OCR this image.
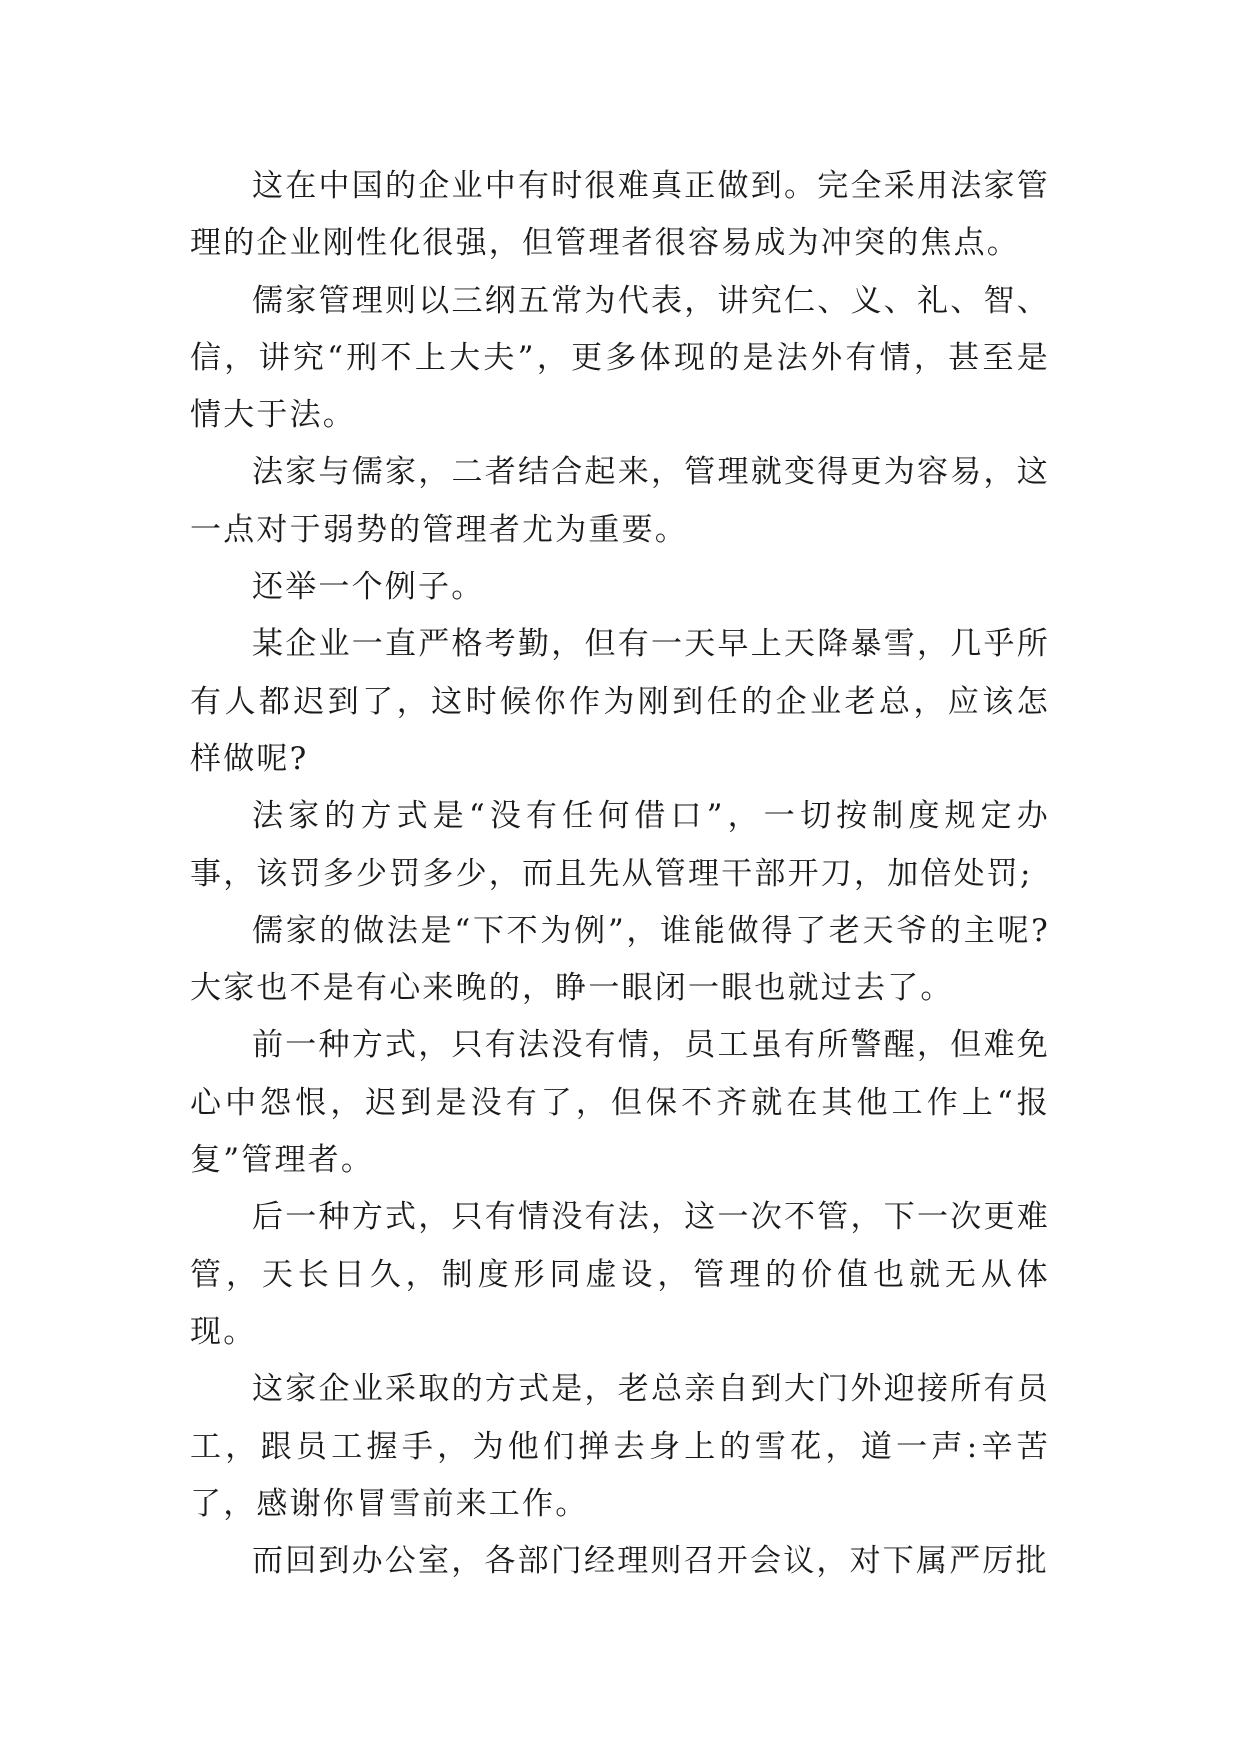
这在中国的企业中有时很难真正做到。完全采用法家管理的企业刚性化很强，但管理者很容易成为冲突的焦点。

儒家管理则以三纲五常为代表，讲究仁、义、礼、智、信，讲究“刑不上大夫”，更多体现的是法外有情，甚至是情大于法。

法家与儒家，二者结合起来，管理就变得更为容易，这一点对于弱势的管理者尤为重要。

还举一个例子。

某企业一直严格考勤，但有一天早上天降暴雪，几乎所有人都迟到了，这时候你作为刚到任的企业老总，应该怎样做呢?

法家的方式是“没有任何借口”，一切按制度规定办事，该罚多少罚多少，而且先从管理干部开刀，加倍处罚;

儒家的做法是“下不为例”，谁能做得了老天爷的主呢?大家也不是有心来晚的，睁一眼闭一眼也就过去了。

前一种方式，只有法没有情，员工虽有所警醒，但难免心中怨恨，迟到是没有了，但保不齐就在其他工作上“报复”管理者。

后一种方式，只有情没有法，这一次不管，下一次更难管，天长日久，制度形同虚设，管理的价值也就无从体现。

这家企业采取的方式是，老总亲自到大门外迎接所有员工，跟员工握手，为他们掸去身上的雪花，道一声:辛苦了，感谢你冒雪前来工作。

而回到办公室，各部门经理则召开会议，对下属严厉批
